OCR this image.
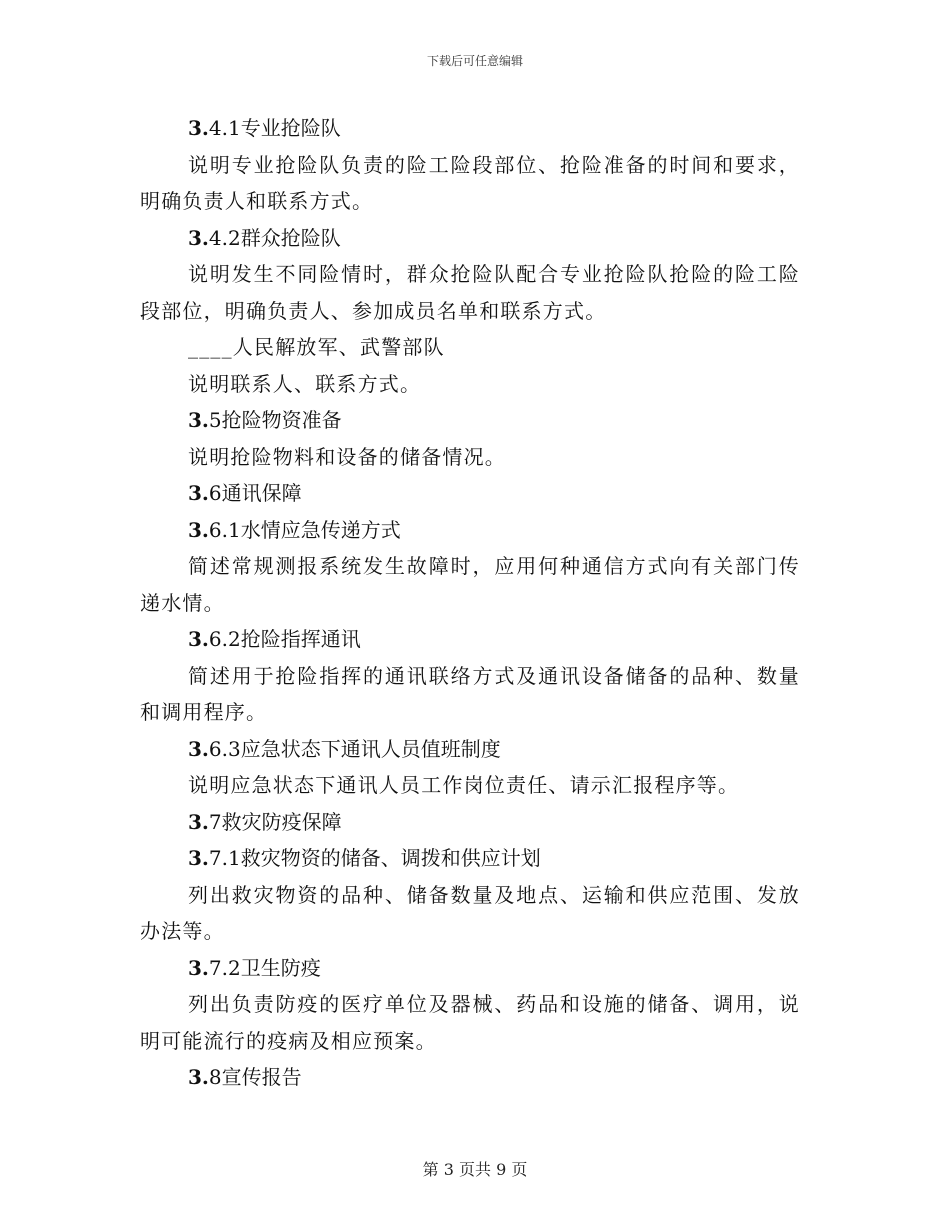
下载后可任意编辑
3.4.1专业抢险队
说明专业抢险队负责的险工险段部位、抢险准备的时间和要求，明确负责人和联系方式。
3.4.2群众抢险队
说明发生不同险情时，群众抢险队配合专业抢险队抢险的险工险段部位，明确负责人、参加成员名单和联系方式。
____人民解放军、武警部队
说明联系人、联系方式。
3.5抢险物资准备
说明抢险物料和设备的储备情况。
3.6通讯保障
3.6.1水情应急传递方式
简述常规测报系统发生故障时，应用何种通信方式向有关部门传递水情。
3.6.2抢险指挥通讯
简述用于抢险指挥的通讯联络方式及通讯设备储备的品种、数量和调用程序。
3.6.3应急状态下通讯人员值班制度
说明应急状态下通讯人员工作岗位责任、请示汇报程序等。
3.7救灾防疫保障
3.7.1救灾物资的储备、调拨和供应计划
列出救灾物资的品种、储备数量及地点、运输和供应范围、发放办法等。
3.7.2卫生防疫
列出负责防疫的医疗单位及器械、药品和设施的储备、调用，说明可能流行的疫病及相应预案。
3.8宣传报告
第 3 页共 9 页
